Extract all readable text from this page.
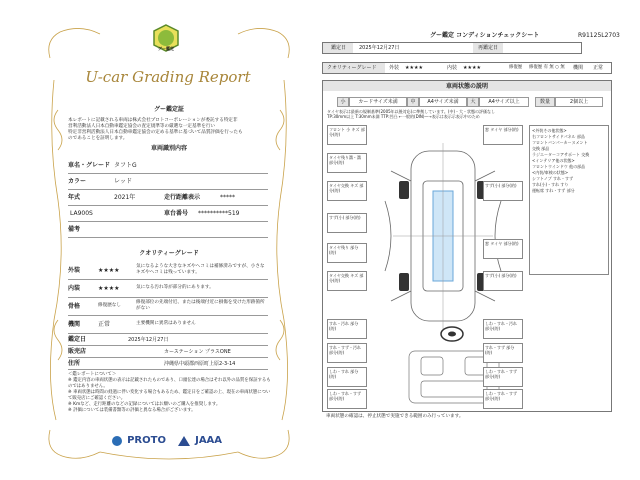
グー鑑定
U-car Grading Report
グー鑑定証
本レポートに記載される車両は株式会社プロトコーポレーションが委託する特定非
営利活動法人日本自動車鑑定協会の査定規準等の厳選な一定基準を行い
特定非営利活動法人日本自動車鑑定協会の定める基準に基づいて品質評価を行ったも
のであることを証明します。
車両識別内容
車名・グレード タフトG
カラー	レッド
年式	2021年	走行距離表示	*****
LA900S	車台番号 **********519
備考
クオリティーグレード
外装	★★★★
気になるような大きなキズやへコミは補修済みですが、小さなキズやへコミは残っています。
内装	★★★★	気になる汚れ等が部分的にあります。
骨格	修復歴なし
修復部位の先端付近、または後端付近に損傷を受けた形跡箇所がない
機関	正常	主要機関に異常はありません
鑑定日	2025年12月27日
販売店	カーステーション プラスONE
住所	沖縄県中頭郡西原町上原2-3-14
＜鑑レポートについて＞
※ 鑑定内容の車両状態の表示は記載されたものであり、口頭伝達の場合はそれ以外の品質を保証するものではありません。
※ 車両状態は時間の経過に伴い変化する場合もあるため、鑑定日をご確認の上、現在の車両状態について販売店にご確認ください。
※ Kmなど、走行距離のなどの記録についてはお願いのご購入を推奨します。
※ 評価については装備書類等の評価と異なる場合がございます。
PROTO	JAAA
グー鑑定 コンディションチェックシート	R91125L2703
鑑定日	2025年12月27日	再鑑定日
クオリティーグレード 外装 ★★★★	内装 ★★★★	修復歴 修復歴 有 無 ○ 無 機関 正常
車両状態の説明
小	カードサイズ未満	中	A4サイズ未満	大	A4サイズ以上	数量	2個以上
タイヤ表示は最新の規制基準(2005年以後対応)に準拠しています。(中)・大・状態の評価なし
TP:30mm以上 T:30mm未満 TTP:凹凸 ←一般的(DIN)—→表示は表示示表示中のため
フロント 小 キズ 部分(的)
タイヤ残り溝・溝 部分(的)
タイヤ交換 キズ 部分(的)
すず(小) 部分(的)
タイヤ残り 部分(的)
タイヤ交換 キズ 部分(的)
窓 タイヤ 部分(的)
すず(小) 部分(的)
窓 タイヤ 部分(的)
すず(小) 部分(的)
<外装その他状態>
右フロントサイドパネル 部品
フロントバンパーカーヌメント
交換 部品
ラジエーターコアサポート 交換
<インテリア他の状態>
フロントウインドウ 他の部品
<内装/車検の状態>
シフトノブ すれ・すず
すれ(小)・すれ すり
運転席 すれ・すず 部分
すれ・汚れ 部分(的)
すれ・すず・汚れ 部分(的)
しわ・すれ 部分(的)
しわ・すれ・すず 部分(的)
しわ・すれ・汚れ 部分(的)
すれ・すず 部分(的)
しわ・すれ・すず 部分(的)
しわ・すれ・すず 部分(的)
車両状態の確認は、停止状態で実施できる範囲のみ行っています。
